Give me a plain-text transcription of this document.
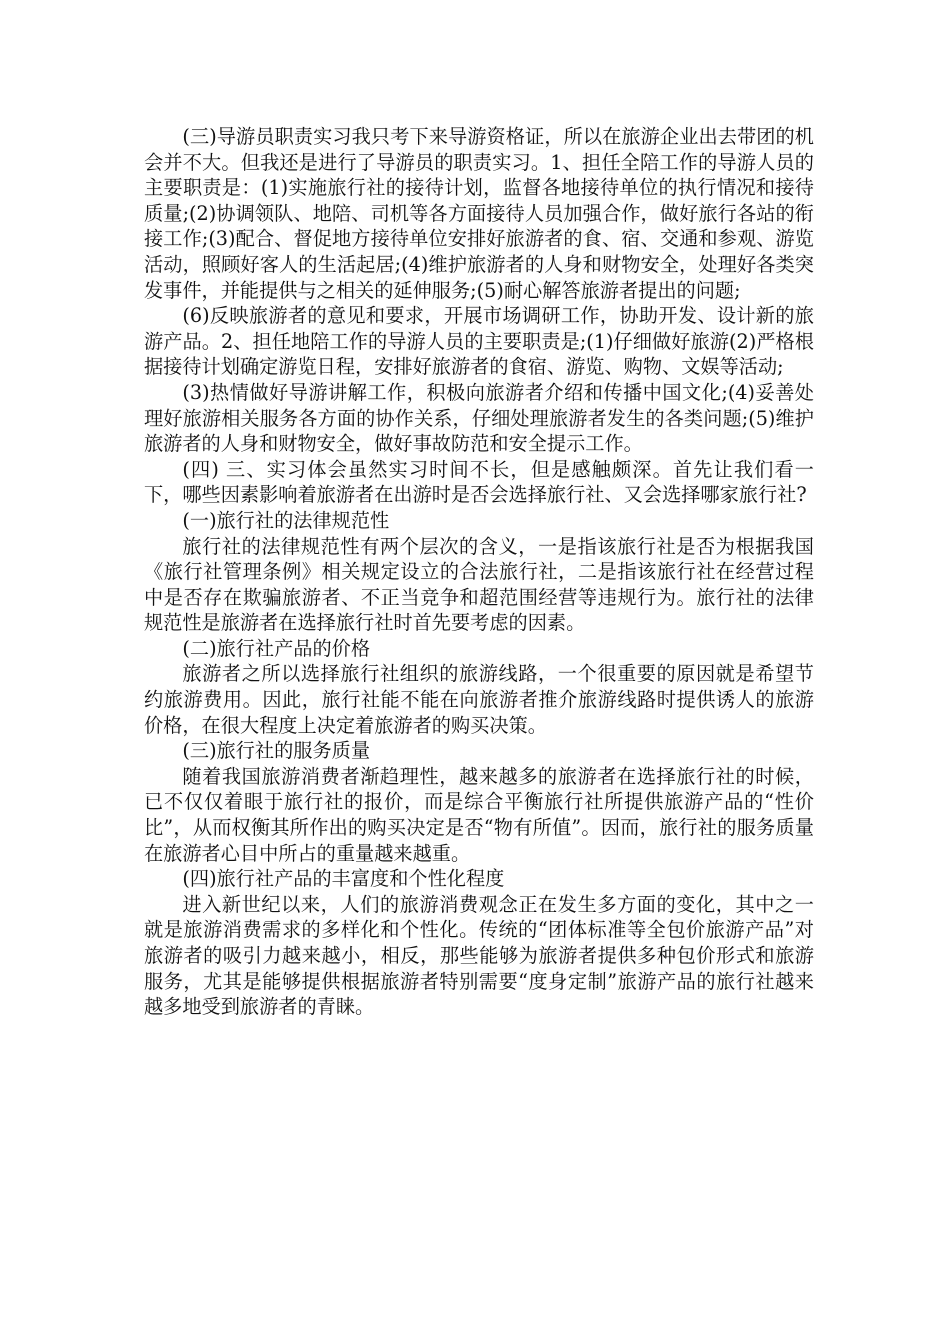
(三)导游员职责实习我只考下来导游资格证，所以在旅游企业出去带团的机会并不大。但我还是进行了导游员的职责实习。1、担任全陪工作的导游人员的主要职责是：(1)实施旅行社的接待计划，监督各地接待单位的执行情况和接待质量;(2)协调领队、地陪、司机等各方面接待人员加强合作，做好旅行各站的衔接工作;(3)配合、督促地方接待单位安排好旅游者的食、宿、交通和参观、游览活动，照顾好客人的生活起居;(4)维护旅游者的人身和财物安全，处理好各类突发事件，并能提供与之相关的延伸服务;(5)耐心解答旅游者提出的问题;

(6)反映旅游者的意见和要求，开展市场调研工作，协助开发、设计新的旅游产品。2、担任地陪工作的导游人员的主要职责是;(1)仔细做好旅游(2)严格根据接待计划确定游览日程，安排好旅游者的食宿、游览、购物、文娱等活动;

(3)热情做好导游讲解工作，积极向旅游者介绍和传播中国文化;(4)妥善处理好旅游相关服务各方面的协作关系，仔细处理旅游者发生的各类问题;(5)维护旅游者的人身和财物安全，做好事故防范和安全提示工作。

(四) 三、实习体会虽然实习时间不长，但是感触颇深。首先让我们看一下，哪些因素影响着旅游者在出游时是否会选择旅行社、又会选择哪家旅行社?

(一)旅行社的法律规范性

旅行社的法律规范性有两个层次的含义，一是指该旅行社是否为根据我国《旅行社管理条例》相关规定设立的合法旅行社，二是指该旅行社在经营过程中是否存在欺骗旅游者、不正当竞争和超范围经营等违规行为。旅行社的法律规范性是旅游者在选择旅行社时首先要考虑的因素。

(二)旅行社产品的价格

旅游者之所以选择旅行社组织的旅游线路，一个很重要的原因就是希望节约旅游费用。因此，旅行社能不能在向旅游者推介旅游线路时提供诱人的旅游价格，在很大程度上决定着旅游者的购买决策。

(三)旅行社的服务质量

随着我国旅游消费者渐趋理性，越来越多的旅游者在选择旅行社的时候，已不仅仅着眼于旅行社的报价，而是综合平衡旅行社所提供旅游产品的“性价比”，从而权衡其所作出的购买决定是否“物有所值”。因而，旅行社的服务质量在旅游者心目中所占的重量越来越重。

(四)旅行社产品的丰富度和个性化程度

进入新世纪以来，人们的旅游消费观念正在发生多方面的变化，其中之一就是旅游消费需求的多样化和个性化。传统的“团体标准等全包价旅游产品”对旅游者的吸引力越来越小，相反，那些能够为旅游者提供多种包价形式和旅游服务，尤其是能够提供根据旅游者特别需要“度身定制”旅游产品的旅行社越来越多地受到旅游者的青睐。
